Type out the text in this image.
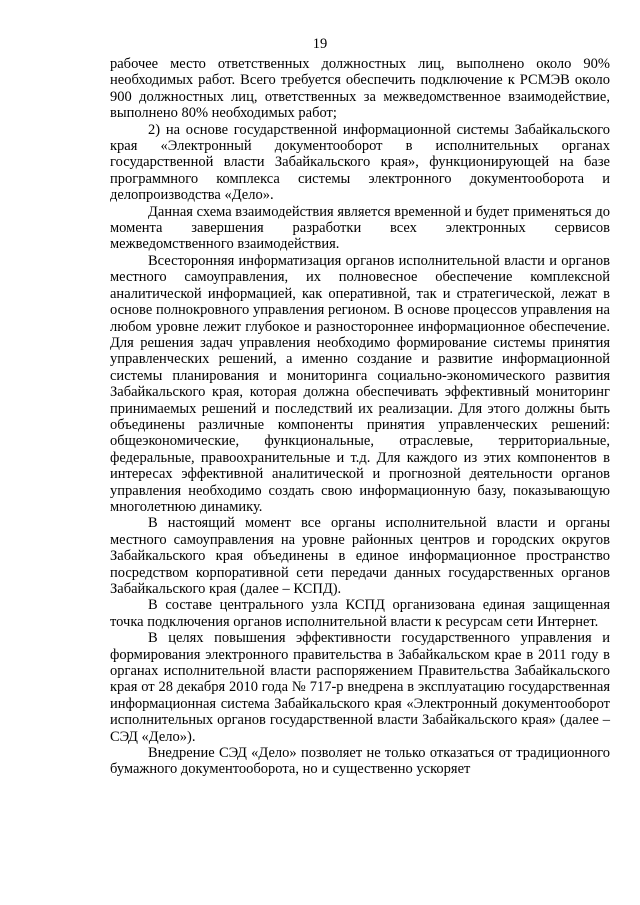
19

рабочее место ответственных должностных лиц, выполнено около 90% необходимых работ. Всего требуется обеспечить подключение к РСМЭВ около 900 должностных лиц, ответственных за межведомственное взаимодействие, выполнено 80% необходимых работ;

2) на основе государственной информационной системы Забайкальского края «Электронный документооборот в исполнительных органах государственной власти Забайкальского края», функционирующей на базе программного комплекса системы электронного документооборота и делопроизводства «Дело».

Данная схема взаимодействия является временной и будет применяться до момента завершения разработки всех электронных сервисов межведомственного взаимодействия.

Всесторонняя информатизация органов исполнительной власти и органов местного самоуправления, их полновесное обеспечение комплексной аналитической информацией, как оперативной, так и стратегической, лежат в основе полнокровного управления регионом. В основе процессов управления на любом уровне лежит глубокое и разностороннее информационное обеспечение. Для решения задач управления необходимо формирование системы принятия управленческих решений, а именно создание и развитие информационной системы планирования и мониторинга социально-экономического развития Забайкальского края, которая должна обеспечивать эффективный мониторинг принимаемых решений и последствий их реализации. Для этого должны быть объединены различные компоненты принятия управленческих решений: общеэкономические, функциональные, отраслевые, территориальные, федеральные, правоохранительные и т.д. Для каждого из этих компонентов в интересах эффективной аналитической и прогнозной деятельности органов управления необходимо создать свою информационную базу, показывающую многолетнюю динамику.

В настоящий момент все органы исполнительной власти и органы местного самоуправления на уровне районных центров и городских округов Забайкальского края объединены в единое информационное пространство посредством корпоративной сети передачи данных государственных органов Забайкальского края (далее – КСПД).

В составе центрального узла КСПД организована единая защищенная точка подключения органов исполнительной власти к ресурсам сети Интернет.

В целях повышения эффективности государственного управления и формирования электронного правительства в Забайкальском крае в 2011 году в органах исполнительной власти распоряжением Правительства Забайкальского края от 28 декабря 2010 года № 717-р внедрена в эксплуатацию государственная информационная система Забайкальского края «Электронный документооборот исполнительных органов государственной власти Забайкальского края» (далее – СЭД «Дело»).

Внедрение СЭД «Дело» позволяет не только отказаться от традиционного бумажного документооборота, но и существенно ускоряет
